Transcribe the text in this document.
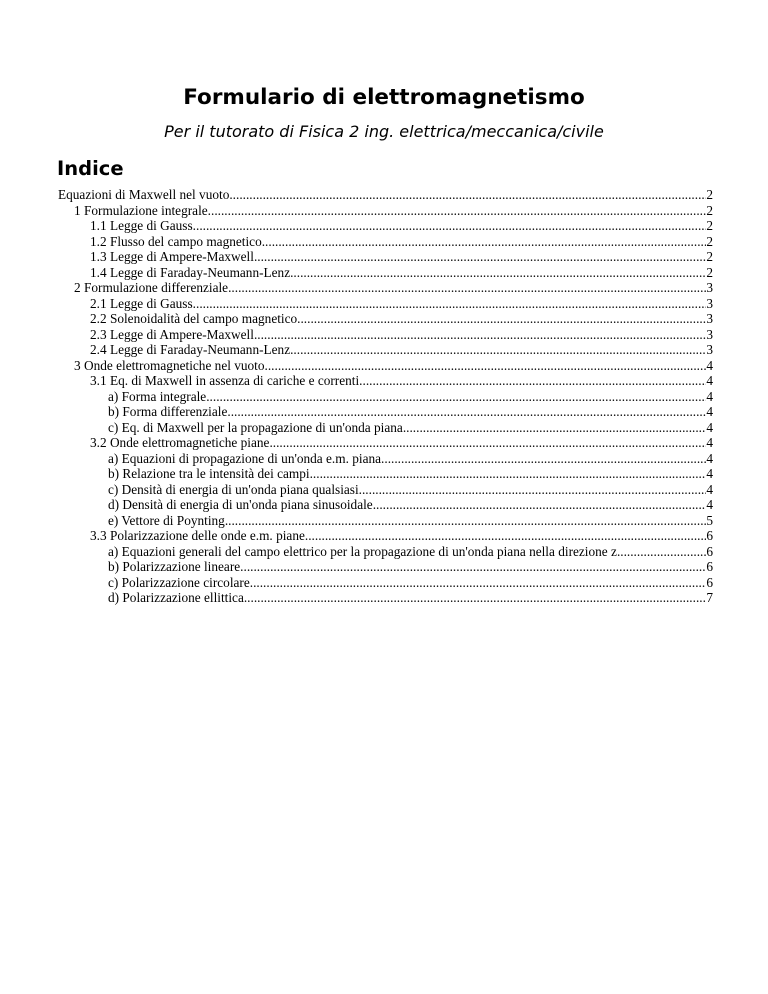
Formulario di elettromagnetismo

Per il tutorato di Fisica 2 ing. elettrica/meccanica/civile

Indice
Equazioni di Maxwell nel vuoto .....	2
1 Formulazione integrale .....	2
1.1 Legge di Gauss .....	2
1.2 Flusso del campo magnetico .....	2
1.3 Legge di Ampere-Maxwell .....	2
1.4 Legge di Faraday-Neumann-Lenz .....	2
2 Formulazione differenziale .....	3
2.1 Legge di Gauss .....	3
2.2 Solenoidalità del campo magnetico .....	3
2.3 Legge di Ampere-Maxwell .....	3
2.4 Legge di Faraday-Neumann-Lenz .....	3
3 Onde elettromagnetiche nel vuoto .....	4
3.1 Eq. di Maxwell in assenza di cariche e correnti .....	4
a) Forma integrale .....	4
b) Forma differenziale .....	4
c) Eq. di Maxwell per la propagazione di un'onda piana .....	4
3.2 Onde elettromagnetiche piane .....	4
a) Equazioni di propagazione di un'onda e.m. piana .....	4
b) Relazione tra le intensità dei campi .....	4
c) Densità di energia di un'onda piana qualsiasi .....	4
d) Densità di energia di un'onda piana sinusoidale .....	4
e) Vettore di Poynting .....	5
3.3 Polarizzazione delle onde e.m. piane .....	6
a) Equazioni generali del campo elettrico per la propagazione di un'onda piana nella direzione z .....	6
b) Polarizzazione lineare .....	6
c) Polarizzazione circolare .....	6
d) Polarizzazione ellittica .....	7
